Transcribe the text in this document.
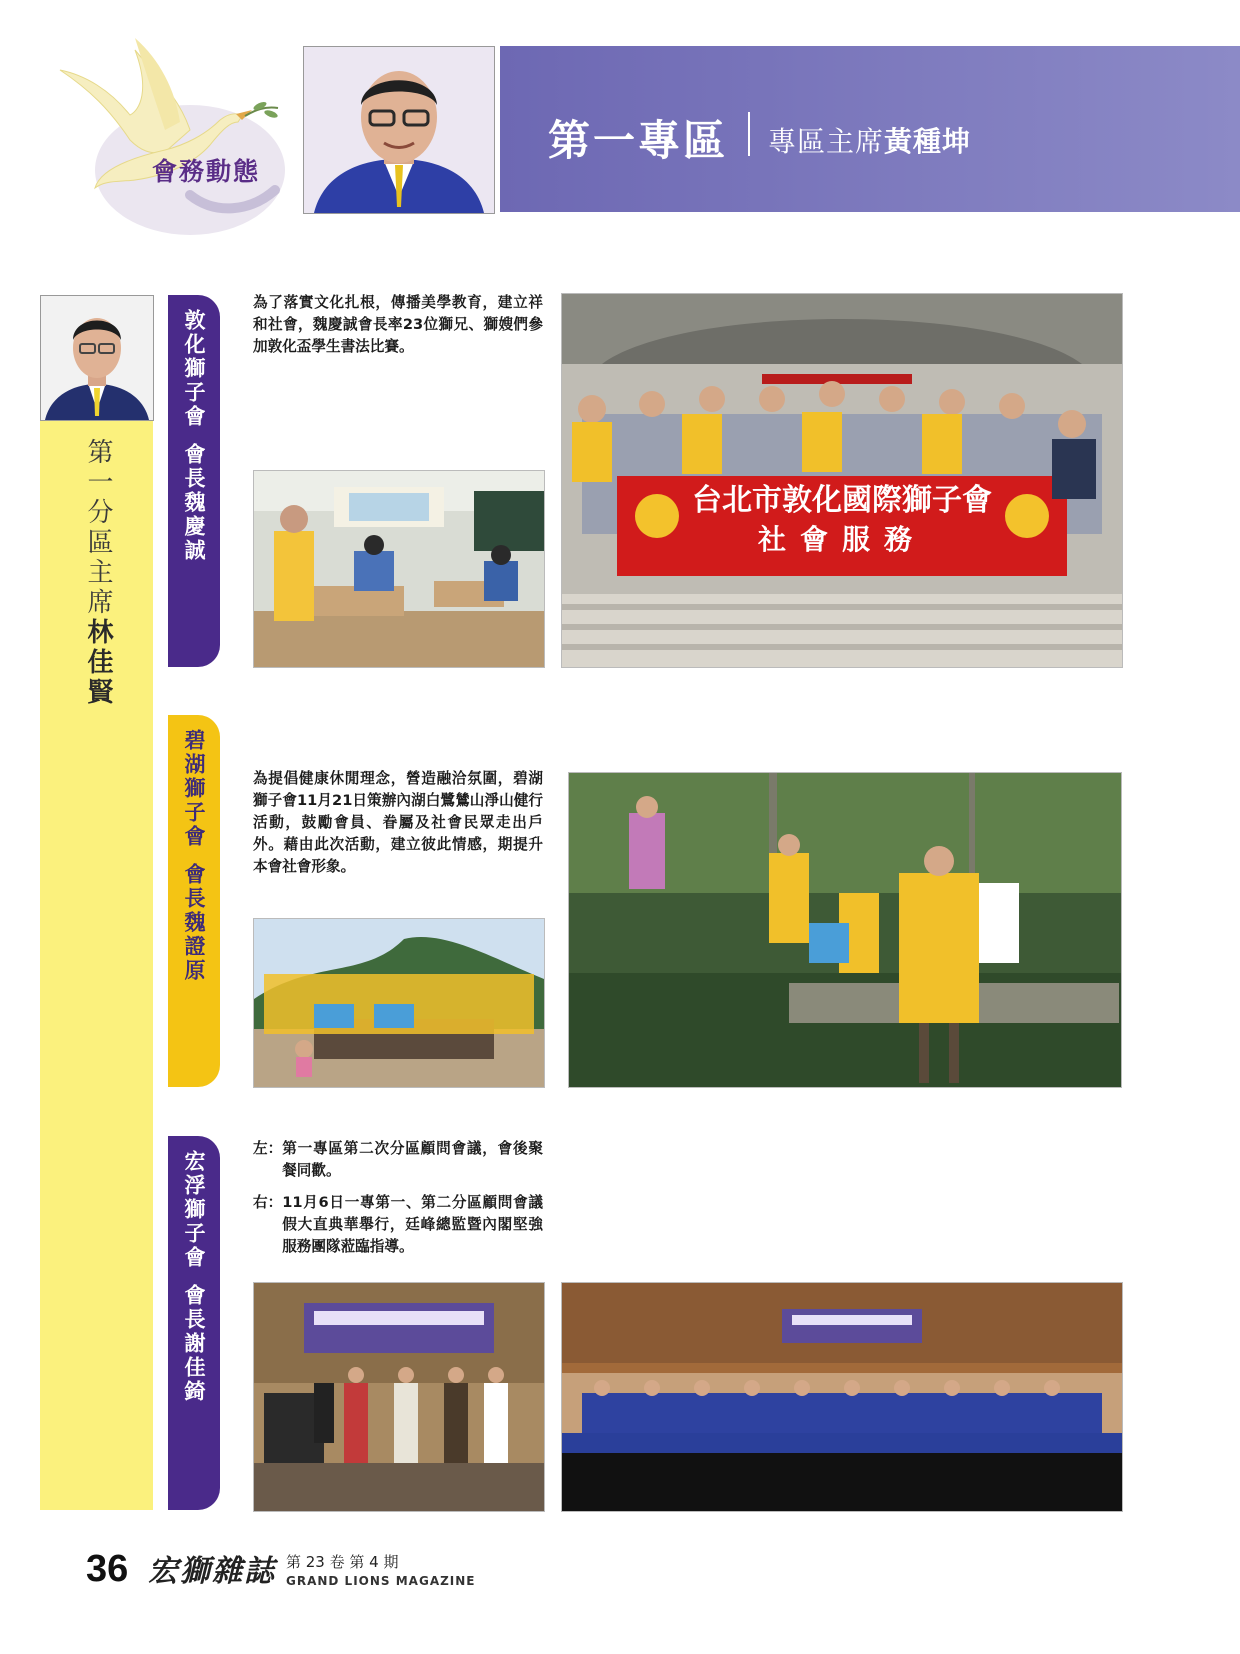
會務動態
第一專區 專區主席黃種坤
第一分區主席林佳賢
敦化獅子會會長魏慶誠
碧湖獅子會會長魏證原
宏浮獅子會會長謝佳錡
為了落實文化扎根，傳播美學教育，建立祥和社會，魏慶誠會長率23位獅兄、獅嫂們參加敦化盃學生書法比賽。
台北市敦化國際獅子會
社會服務
為提倡健康休閒理念，營造融洽氛圍，碧湖獅子會11月21日策辦內湖白鷺鷥山淨山健行活動，鼓勵會員、眷屬及社會民眾走出戶外。藉由此次活動，建立彼此情感，期提升本會社會形象。
左： 第一專區第二次分區顧問會議，會後聚餐同歡。
右： 11月6日一專第一、第二分區顧問會議假大直典華舉行，廷峰總監暨內閣堅強服務團隊蒞臨指導。
36 宏獅雜誌 第 23 卷 第 4 期
GRAND LIONS MAGAZINE
